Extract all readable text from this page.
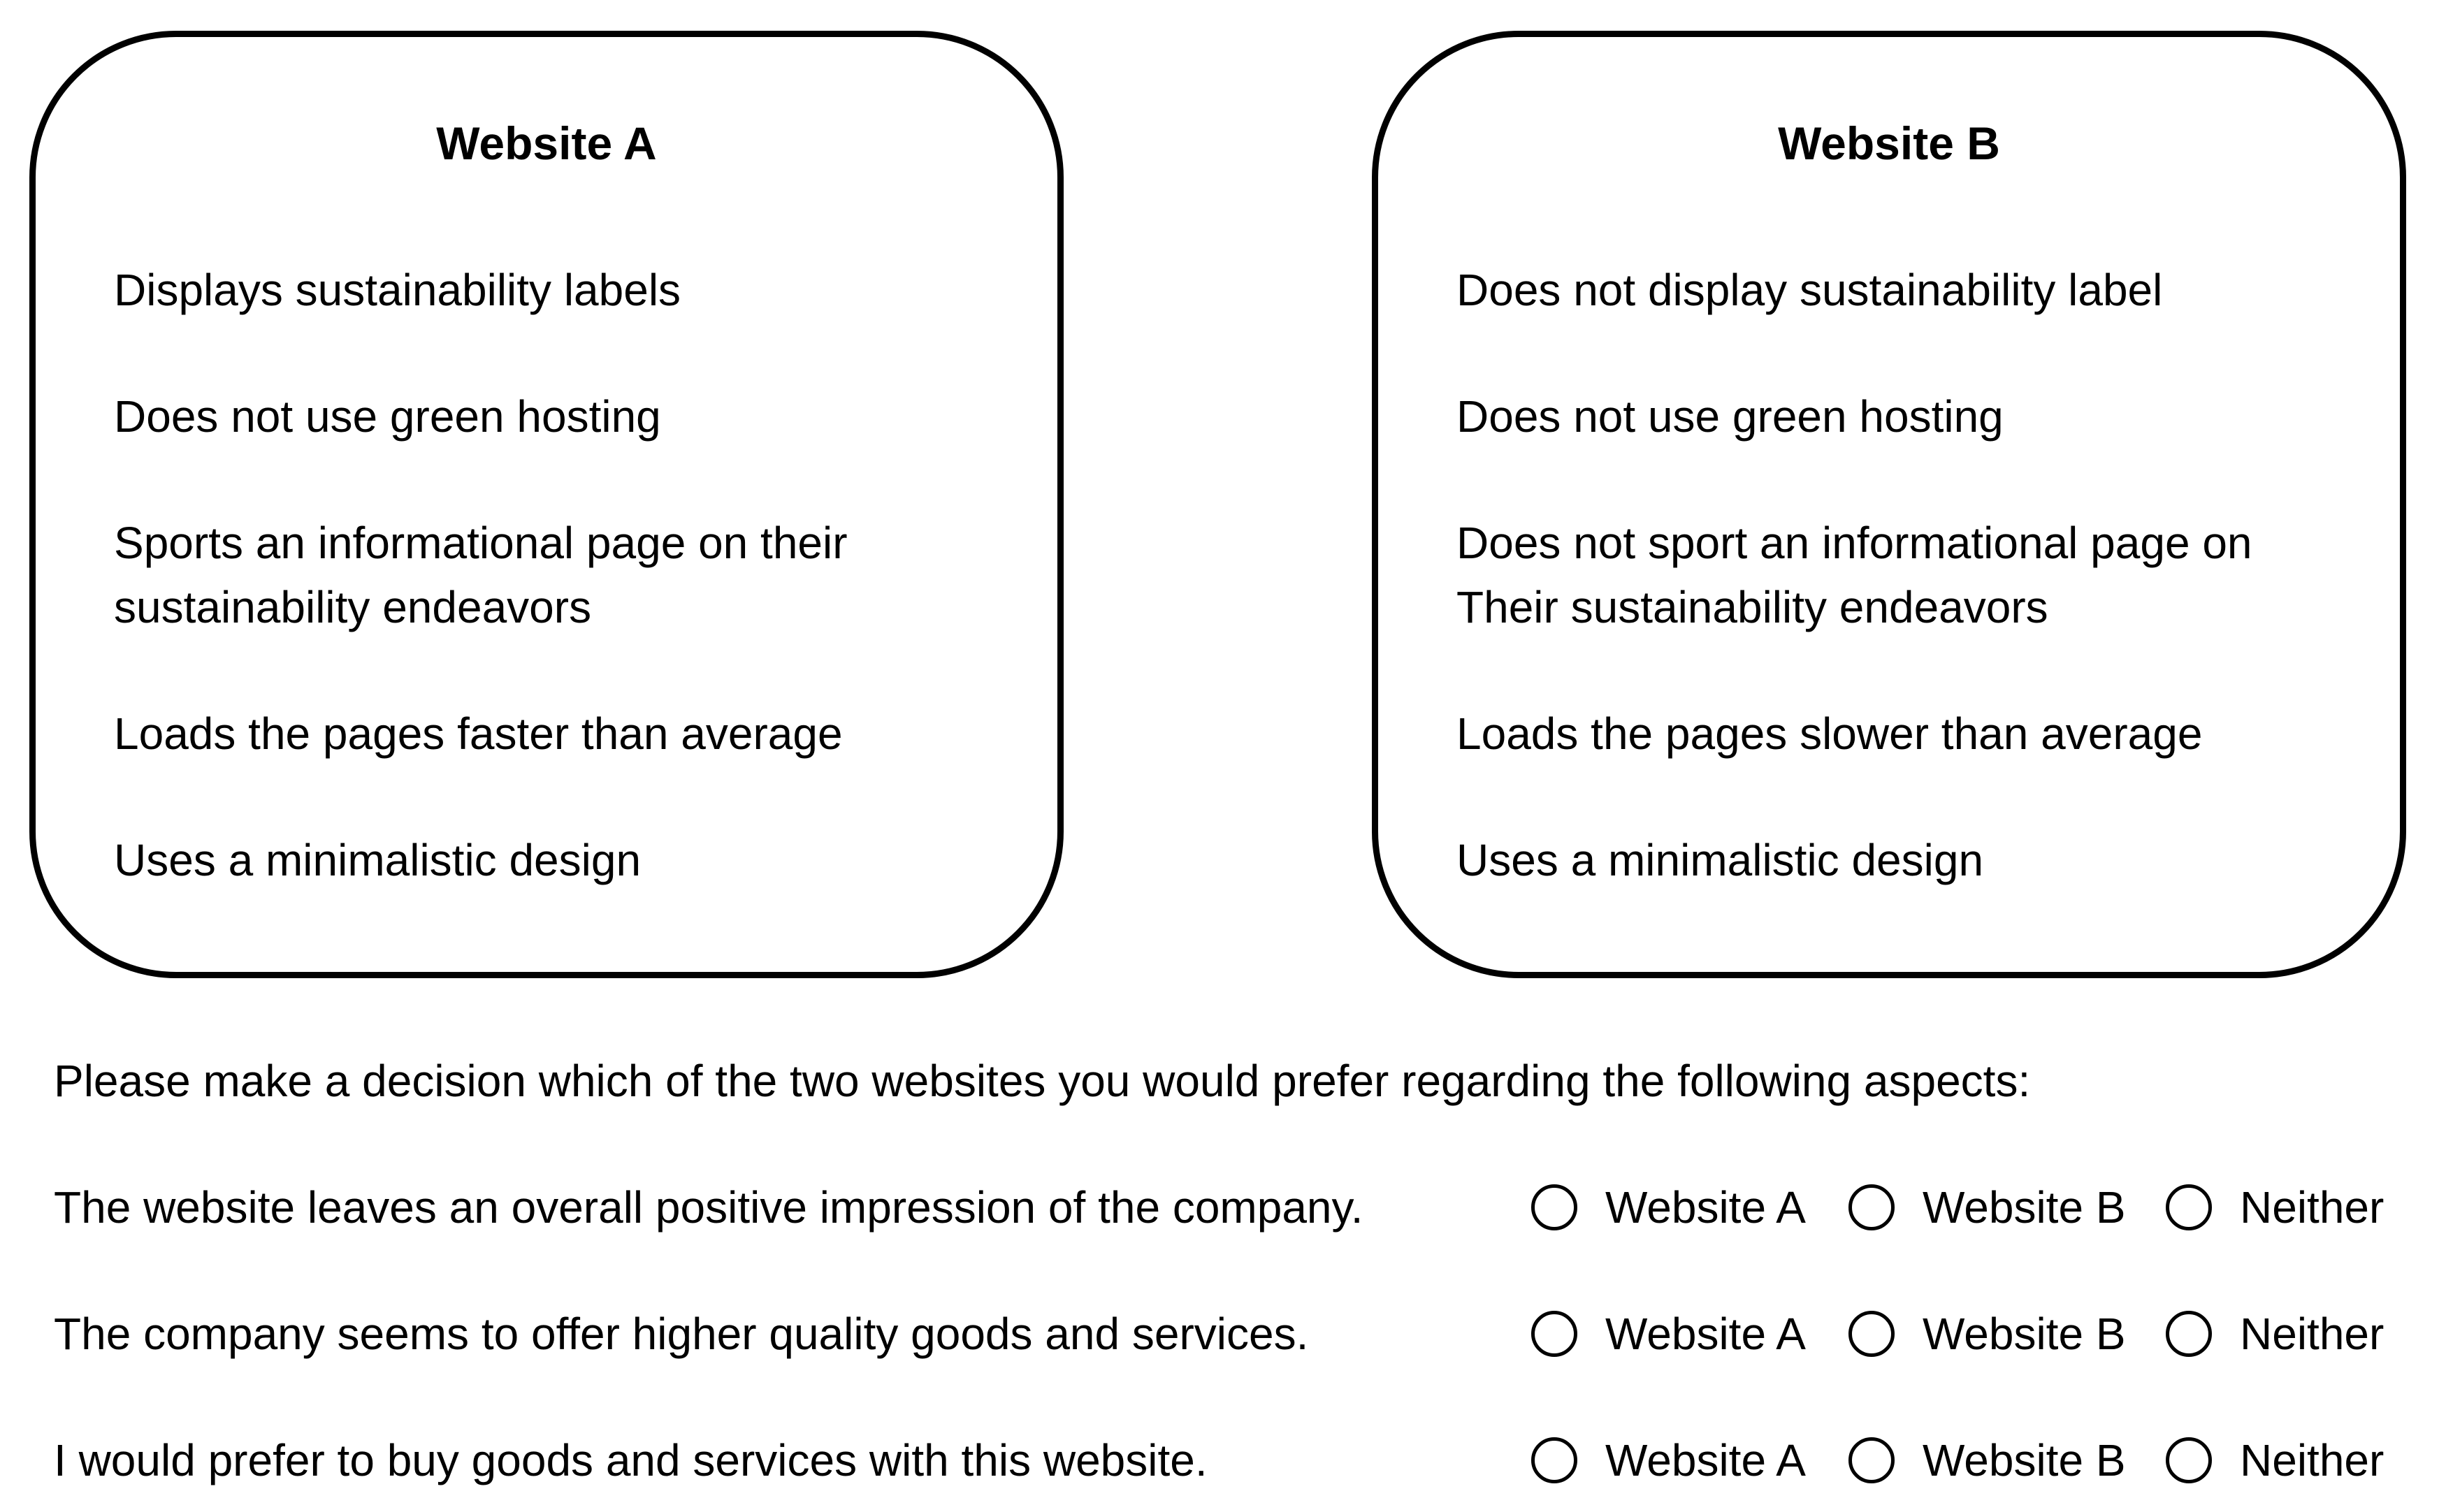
Website A
Displays sustainability labels
Does not use green hosting
Sports an informational page on their
sustainability endeavors
Loads the pages faster than average
Uses a minimalistic design
Website B
Does not display sustainability label
Does not use green hosting
Does not sport an informational page on
Their sustainability endeavors
Loads the pages slower than average
Uses a minimalistic design
Please make a decision which of the two websites you would prefer regarding the following aspects:
The website leaves an overall positive impression of the company.	Website A	Website B	Neither
The company seems to offer higher quality goods and services.	Website A	Website B	Neither
I would prefer to buy goods and services with this website.	Website A	Website B	Neither
